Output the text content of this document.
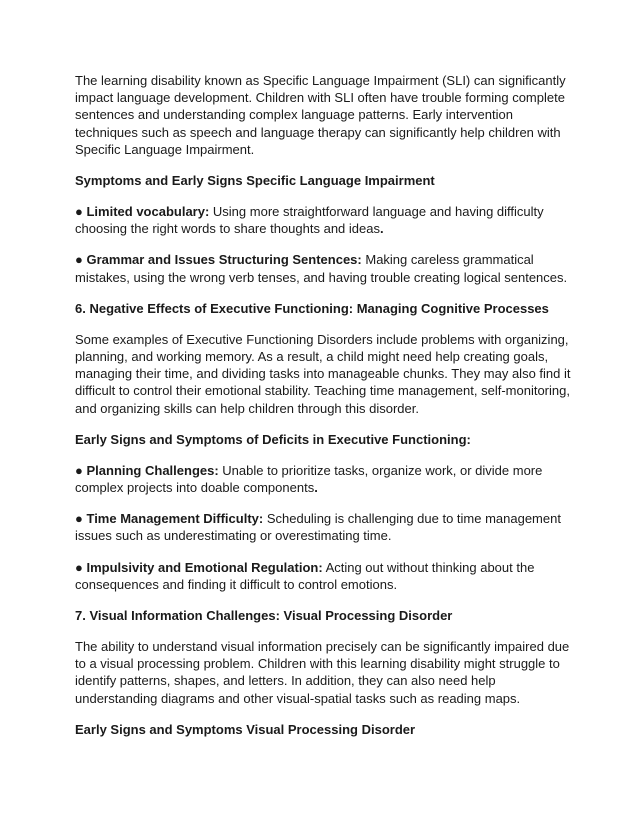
The learning disability known as Specific Language Impairment (SLI) can significantly impact language development. Children with SLI often have trouble forming complete sentences and understanding complex language patterns. Early intervention techniques such as speech and language therapy can significantly help children with Specific Language Impairment.

Symptoms and Early Signs Specific Language Impairment

● Limited vocabulary: Using more straightforward language and having difficulty choosing the right words to share thoughts and ideas.

● Grammar and Issues Structuring Sentences: Making careless grammatical mistakes, using the wrong verb tenses, and having trouble creating logical sentences.

6. Negative Effects of Executive Functioning: Managing Cognitive Processes

Some examples of Executive Functioning Disorders include problems with organizing, planning, and working memory. As a result, a child might need help creating goals, managing their time, and dividing tasks into manageable chunks. They may also find it difficult to control their emotional stability. Teaching time management, self-monitoring, and organizing skills can help children through this disorder.

Early Signs and Symptoms of Deficits in Executive Functioning:

● Planning Challenges: Unable to prioritize tasks, organize work, or divide more complex projects into doable components.

● Time Management Difficulty: Scheduling is challenging due to time management issues such as underestimating or overestimating time.

● Impulsivity and Emotional Regulation: Acting out without thinking about the consequences and finding it difficult to control emotions.

7. Visual Information Challenges: Visual Processing Disorder

The ability to understand visual information precisely can be significantly impaired due to a visual processing problem. Children with this learning disability might struggle to identify patterns, shapes, and letters. In addition, they can also need help understanding diagrams and other visual-spatial tasks such as reading maps.

Early Signs and Symptoms Visual Processing Disorder
